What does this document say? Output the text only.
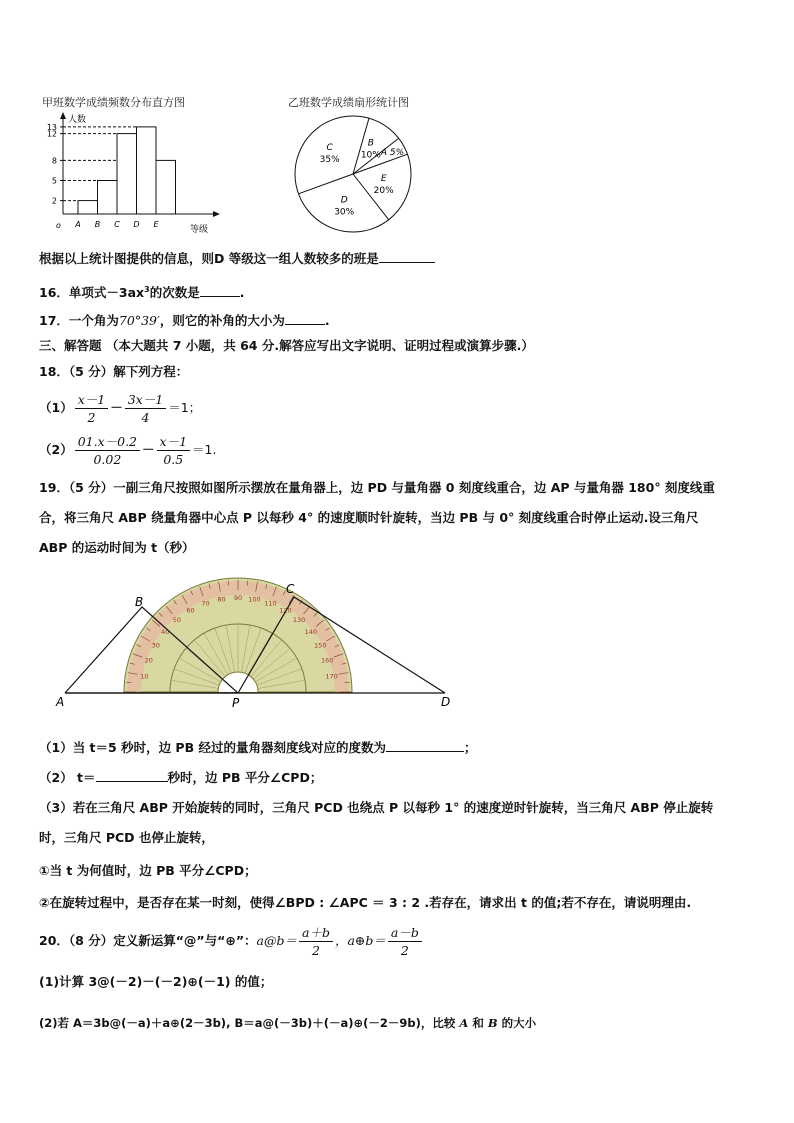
甲班数学成绩频数分布直方图	乙班数学成绩扇形统计图
人数
等级
o
2
5
8
12
13
A B C D E
C
35%
B
10% A 5%
E
20%
D
30%
根据以上统计图提供的信息，则D 等级这一组人数较多的班是
16．单项式$-3ax^3$的次数是	.
17．一个角为70°39′，则它的补角的大小为	.
三、解答题 （本大题共 7 小题，共 64 分.解答应写出文字说明、证明过程或演算步骤.）
18．（5 分）解下列方程：
$(1) \frac{x-1}{2} - \frac{3x-1}{4} =1$；
$(2) \frac{01.x-0.2}{0.02} - \frac{x-1}{0.5} =1$.
19．（5 分）一副三角尺按照如图所示摆放在量角器上，边 PD 与量角器 0 刻度线重合，边 AP 与量角器 180° 刻度线重
合，将三角尺 ABP 绕量角器中心点 P 以每秒 4° 的速度顺时针旋转，当边 PB 与 0° 刻度线重合时停止运动.设三角尺
ABP 的运动时间为 t（秒）
10
20
30
40
50
60
70
80 90 100
110
120
130
140
150
160
170
A
B
C
D
P
（1）当 t＝5 秒时，边 PB 经过的量角器刻度线对应的度数为	；
（2） t＝	秒时，边 PB 平分∠CPD；
（3）若在三角尺 ABP 开始旋转的同时，三角尺 PCD 也绕点 P 以每秒 1° 的速度逆时针旋转，当三角尺 ABP 停止旋转
时，三角尺 PCD 也停止旋转，
①当 t 为何值时，边 PB 平分∠CPD；
②在旋转过程中，是否存在某一时刻，使得∠BPD : ∠APC ＝ 3 : 2 .若存在，请求出 t 的值;若不存在，请说明理由.
20．（8 分）定义新运算“@”与“⊕”： a@b＝ $\frac{a+b}{2}$ ，a⊕b＝ $\frac{a-b}{2}$
(1)计算 3@(－2)－(－2)⊕(－1) 的值；
(2)若 A＝3b@(－a)＋a⊕(2－3b), B＝a@(－3b)＋(－a)⊕(－2－9b)，比较 A 和 B 的大小
